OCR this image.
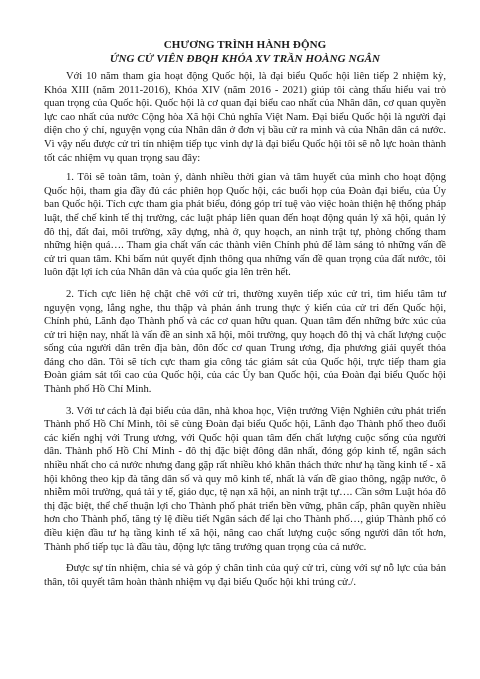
CHƯƠNG TRÌNH HÀNH ĐỘNG
ỨNG CỬ VIÊN ĐBQH KHÓA XV TRẦN HOÀNG NGÂN

Với 10 năm tham gia hoạt động Quốc hội, là đại biểu Quốc hội liên tiếp 2 nhiệm kỳ, Khóa XIII (năm 2011-2016), Khóa XIV (năm 2016 - 2021) giúp tôi càng thấu hiểu vai trò quan trọng của Quốc hội. Quốc hội là cơ quan đại biểu cao nhất của Nhân dân, cơ quan quyền lực cao nhất của nước Cộng hòa Xã hội Chủ nghĩa Việt Nam. Đại biểu Quốc hội là người đại diện cho ý chí, nguyện vọng của Nhân dân ở đơn vị bầu cử ra mình và của Nhân dân cả nước. Vì vậy nếu được cử tri tín nhiệm tiếp tục vinh dự là đại biểu Quốc hội tôi sẽ nỗ lực hoàn thành tốt các nhiệm vụ quan trọng sau đây:

1. Tôi sẽ toàn tâm, toàn ý, dành nhiều thời gian và tâm huyết của mình cho hoạt động Quốc hội, tham gia đầy đủ các phiên họp Quốc hội, các buổi họp của Đoàn đại biểu, của Ủy ban Quốc hội. Tích cực tham gia phát biểu, đóng góp trí tuệ vào việc hoàn thiện hệ thống pháp luật, thể chế kinh tế thị trường, các luật pháp liên quan đến hoạt động quản lý xã hội, quản lý đô thị, đất đai, môi trường, xây dựng, nhà ở, quy hoạch, an ninh trật tự, phòng chống tham những hiện quá…. Tham gia chất vấn các thành viên Chính phủ để làm sáng tỏ những vấn đề cử tri quan tâm. Khi bấm nút quyết định thông qua những vấn đề quan trọng của đất nước, tôi luôn đặt lợi ích của Nhân dân và của quốc gia lên trên hết.

2. Tích cực liên hệ chặt chẽ với cử tri, thường xuyên tiếp xúc cử tri, tìm hiểu tâm tư nguyện vọng, lắng nghe, thu thập và phản ánh trung thực ý kiến của cử tri đến Quốc hội, Chính phủ, Lãnh đạo Thành phố và các cơ quan hữu quan. Quan tâm đến những bức xúc của cử tri hiện nay, nhất là vấn đề an sinh xã hội, môi trường, quy hoạch đô thị và chất lượng cuộc sống của người dân trên địa bàn, đôn đốc cơ quan Trung ương, địa phương giải quyết thỏa đáng cho dân. Tôi sẽ tích cực tham gia công tác giám sát của Quốc hội, trực tiếp tham gia Đoàn giám sát tối cao của Quốc hội, của các Ủy ban Quốc hội, của Đoàn đại biểu Quốc hội Thành phố Hồ Chí Minh.

3. Với tư cách là đại biểu của dân, nhà khoa học, Viện trưởng Viện Nghiên cứu phát triển Thành phố Hồ Chí Minh, tôi sẽ cùng Đoàn đại biểu Quốc hội, Lãnh đạo Thành phố theo đuổi các kiến nghị với Trung ương, với Quốc hội quan tâm đến chất lượng cuộc sống của người dân. Thành phố Hồ Chí Minh - đô thị đặc biệt đông dân nhất, đóng góp kinh tế, ngân sách nhiều nhất cho cả nước nhưng đang gặp rất nhiều khó khăn thách thức như hạ tầng kinh tế - xã hội không theo kịp đà tăng dân số và quy mô kinh tế, nhất là vấn đề giao thông, ngập nước, ô nhiễm môi trường, quá tải y tế, giáo dục, tệ nạn xã hội, an ninh trật tự…. Cần sớm Luật hóa đô thị đặc biệt, thể chế thuận lợi cho Thành phố phát triển bền vững, phân cấp, phân quyền nhiều hơn cho Thành phố, tăng tỷ lệ điều tiết Ngân sách để lại cho Thành phố…, giúp Thành phố có điều kiện đầu tư hạ tầng kinh tế xã hội, nâng cao chất lượng cuộc sống người dân tốt hơn, Thành phố tiếp tục là đầu tàu, động lực tăng trưởng quan trọng của cả nước.

Được sự tín nhiệm, chia sẻ và góp ý chân tình của quý cử tri, cùng với sự nỗ lực của bản thân, tôi quyết tâm hoàn thành nhiệm vụ đại biểu Quốc hội khi trúng cử./.
